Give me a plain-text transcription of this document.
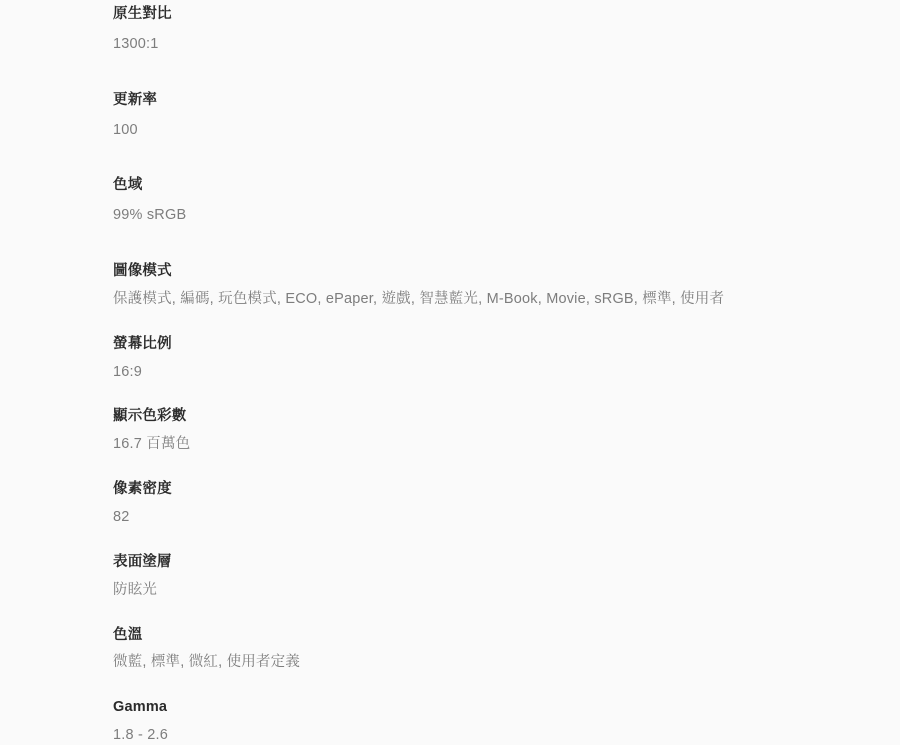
原生對比
1300:1
更新率
100
色域
99% sRGB
圖像模式
保護模式, 編碼, 玩色模式, ECO, ePaper, 遊戲, 智慧藍光, M-Book, Movie, sRGB, 標準, 使用者
螢幕比例
16:9
顯示色彩數
16.7 百萬色
像素密度
82
表面塗層
防眩光
色溫
微藍, 標準, 微紅, 使用者定義
Gamma
1.8 - 2.6
